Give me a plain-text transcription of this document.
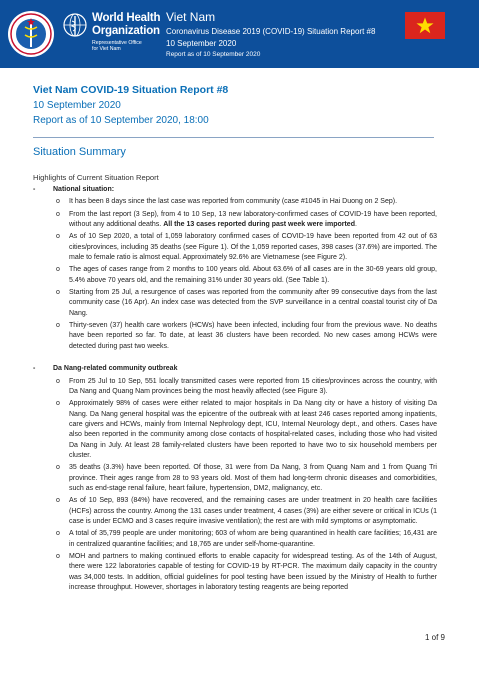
World Health
Organization
Representative Office
for Viet Nam
Viet Nam
Coronavirus Disease 2019 (COVID-19) Situation Report #8
10 September 2020
Report as of 10 September 2020
Viet Nam COVID-19 Situation Report #8
10 September 2020
Report as of 10 September 2020, 18:00
Situation Summary
Highlights of Current Situation Report
-	National situation:
o It has been 8 days since the last case was reported from community (case #1045 in Hai Duong on 2 Sep).
o From the last report (3 Sep), from 4 to 10 Sep, 13 new laboratory-confirmed cases of COVID-19 have been reported, without any additional deaths. All the 13 cases reported during past week were imported.
o As of 10 Sep 2020, a total of 1,059 laboratory confirmed cases of COVID-19 have been reported from 42 out of 63 cities/provinces, including 35 deaths (see Figure 1). Of the 1,059 reported cases, 398 cases (37.6%) are imported. The male to female ratio is almost equal. Approximately 92.6% are Vietnamese (see Figure 2).
o The ages of cases range from 2 months to 100 years old. About 63.6% of all cases are in the 30-69 years old group, 5.4% above 70 years old, and the remaining 31% under 30 years old. (See Table 1).
o Starting from 25 Jul, a resurgence of cases was reported from the community after 99 consecutive days from the last community case (16 Apr). An index case was detected from the SVP surveillance in a central coastal tourist city of Da Nang.
o Thirty-seven (37) health care workers (HCWs) have been infected, including four from the previous wave. No deaths have been reported so far. To date, at least 36 clusters have been recorded. No new cases among HCWs were detected during past two weeks.
-	Da Nang-related community outbreak
o From 25 Jul to 10 Sep, 551 locally transmitted cases were reported from 15 cities/provinces across the country, with Da Nang and Quang Nam provinces being the most heavily affected (see Figure 3).
o Approximately 98% of cases were either related to major hospitals in Da Nang city or have a history of visiting Da Nang. Da Nang general hospital was the epicentre of the outbreak with at least 246 cases reported among inpatients, care givers and HCWs, mainly from Internal Nephrology dept, ICU, Internal Neurology dept., and others. Cases have also been reported in the community among close contacts of hospital-related cases, including those who had visited Da Nang in July. At least 28 family-related clusters have been reported to have two to six household members per cluster.
o 35 deaths (3.3%) have been reported. Of those, 31 were from Da Nang, 3 from Quang Nam and 1 from Quang Tri province. Their ages range from 28 to 93 years old. Most of them had long-term chronic diseases and comorbidities, such as end-stage renal failure, heart failure, hypertension, DM2, malignancy, etc.
o As of 10 Sep, 893 (84%) have recovered, and the remaining cases are under treatment in 20 health care facilities (HCFs) across the country. Among the 131 cases under treatment, 4 cases (3%) are either severe or critical in ICUs (1 case is under ECMO and 3 cases require invasive ventilation); the rest are with mild symptoms or asymptomatic.
o A total of 35,799 people are under monitoring; 603 of whom are being quarantined in health care facilities; 16,431 are in centralized quarantine facilities; and 18,765 are under self-/home-quarantine.
o MOH and partners to making continued efforts to enable capacity for widespread testing. As of the 14th of August, there were 122 laboratories capable of testing for COVID-19 by RT-PCR. The maximum daily capacity in the country was 34,000 tests. In addition, official guidelines for pool testing have been issued by the Ministry of Health to further increase throughput. However, shortages in laboratory testing reagents are being reported
1 of 9
